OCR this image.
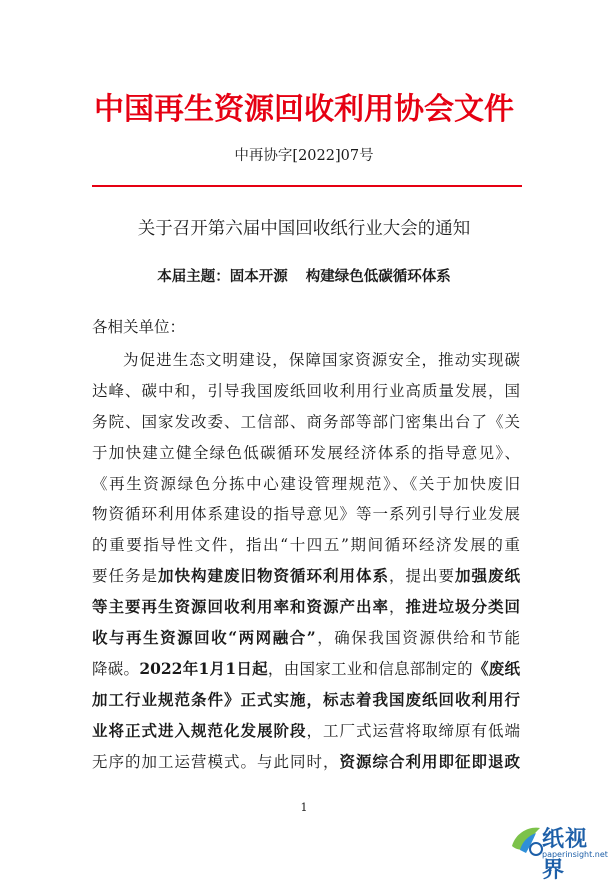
中国再生资源回收利用协会文件
中再协字[2022]07号
关于召开第六届中国回收纸行业大会的通知
本届主题：固本开源 构建绿色低碳循环体系
各相关单位：
为促进生态文明建设，保障国家资源安全，推动实现碳
达峰、碳中和，引导我国废纸回收利用行业高质量发展，国
务院、国家发改委、工信部、商务部等部门密集出台了《关
于加快建立健全绿色低碳循环发展经济体系的指导意见》、
《再生资源绿色分拣中心建设管理规范》、《关于加快废旧
物资循环利用体系建设的指导意见》等一系列引导行业发展
的重要指导性文件，指出“十四五”期间循环经济发展的重
要任务是加快构建废旧物资循环利用体系，提出要加强废纸
等主要再生资源回收利用率和资源产出率，推进垃圾分类回
收与再生资源回收“两网融合”，确保我国资源供给和节能
降碳。2022年1月1日起，由国家工业和信息部制定的《废纸
加工行业规范条件》正式实施，标志着我国废纸回收利用行
业将正式进入规范化发展阶段，工厂式运营将取缔原有低端
无序的加工运营模式。与此同时，资源综合利用即征即退政
1
纸视界
paperinsight.net
